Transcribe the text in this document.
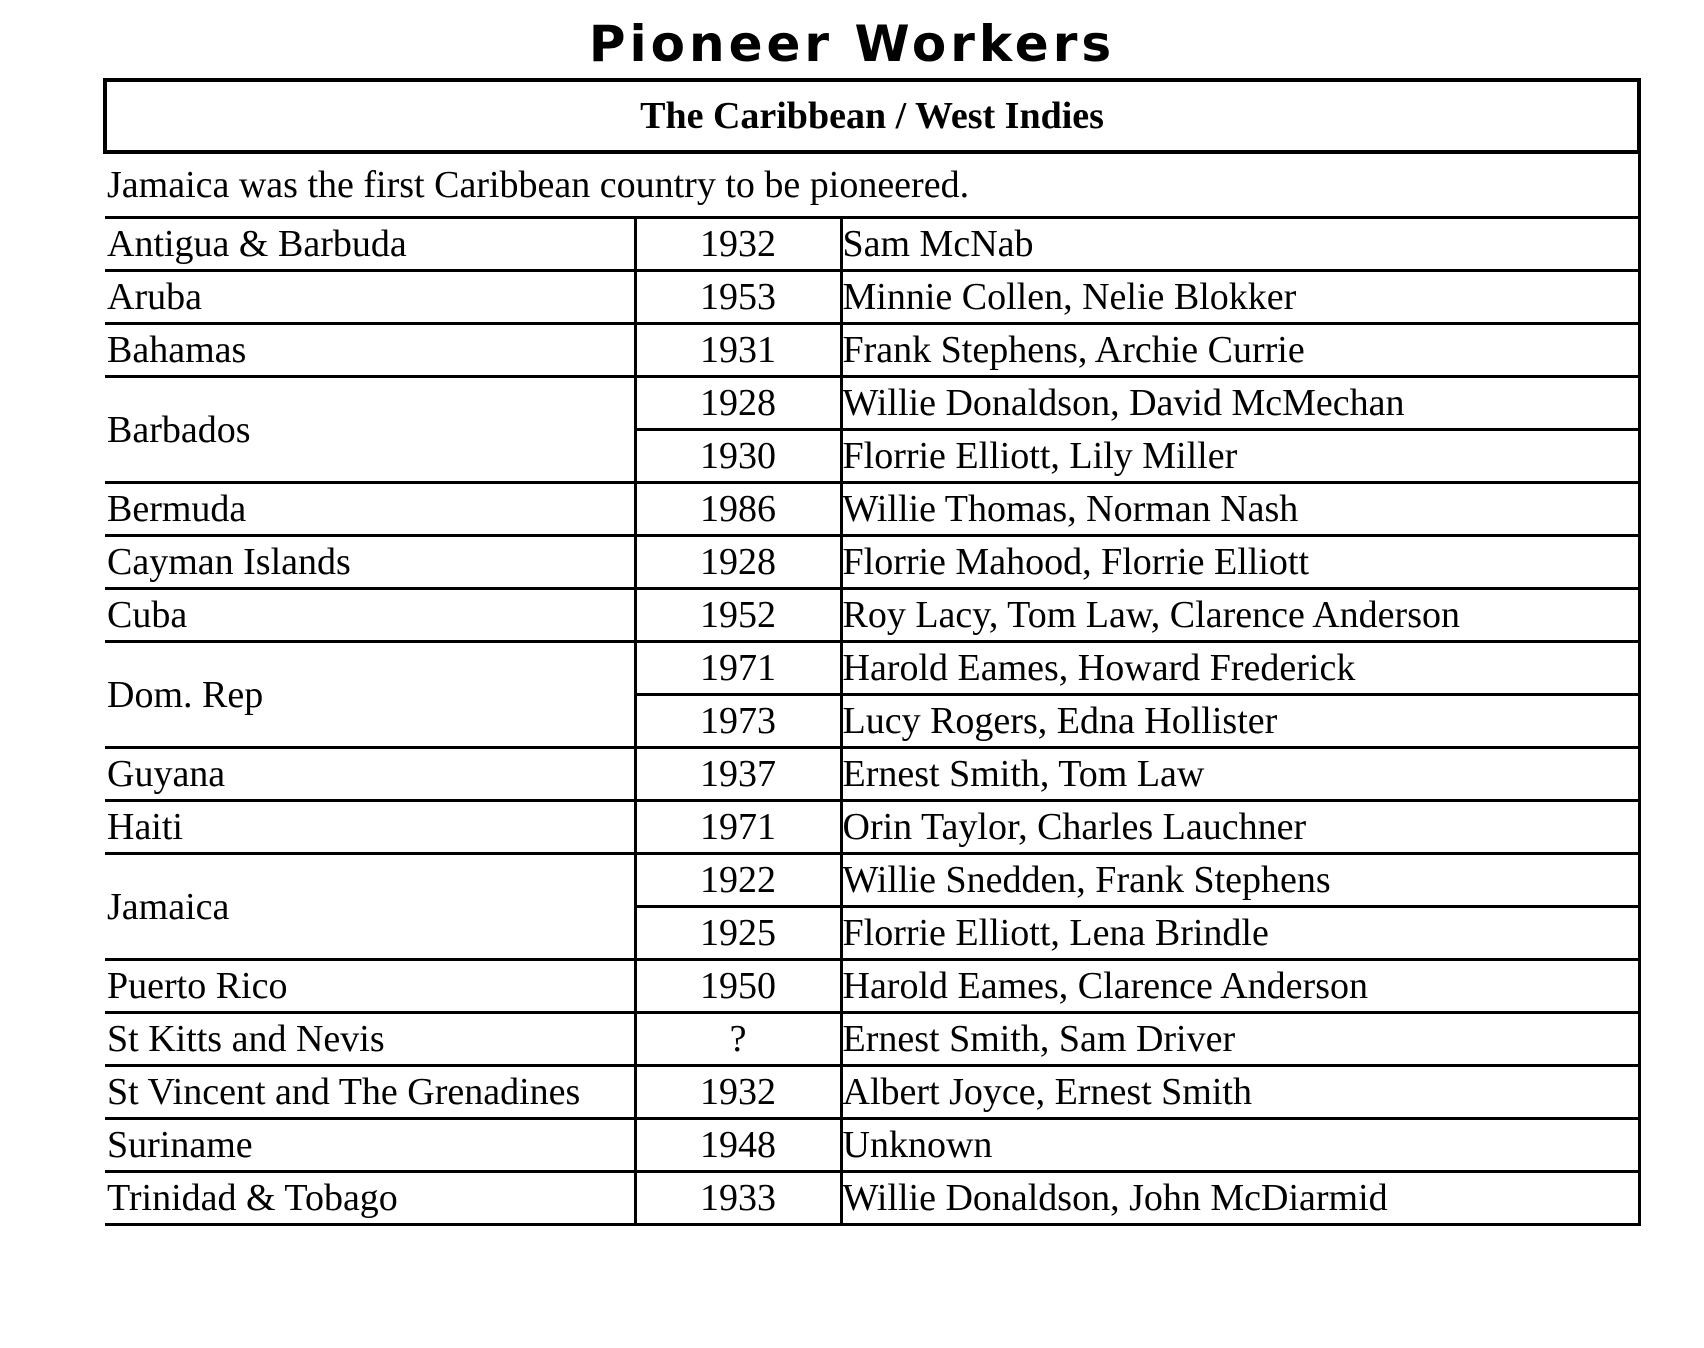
Pioneer Workers
The Caribbean / West Indies		
Jamaica was the first Caribbean country to be pioneered.		
Antigua & Barbuda	1932	Sam McNab
Aruba	1953	Minnie Collen, Nelie Blokker
Bahamas	1931	Frank Stephens, Archie Currie
Barbados	1928	Willie Donaldson, David McMechan
	1930	Florrie Elliott, Lily Miller
Bermuda	1986	Willie Thomas, Norman Nash
Cayman Islands	1928	Florrie Mahood, Florrie Elliott
Cuba	1952	Roy Lacy, Tom Law, Clarence Anderson
Dom. Rep	1971	Harold Eames, Howard Frederick
	1973	Lucy Rogers, Edna Hollister
Guyana	1937	Ernest Smith, Tom Law
Haiti	1971	Orin Taylor, Charles Lauchner
Jamaica	1922	Willie Snedden, Frank Stephens
	1925	Florrie Elliott, Lena Brindle
Puerto Rico	1950	Harold Eames, Clarence Anderson
St Kitts and Nevis	?	Ernest Smith, Sam Driver
St Vincent and The Grenadines	1932	Albert Joyce, Ernest Smith
Suriname	1948	Unknown
Trinidad & Tobago	1933	Willie Donaldson, John McDiarmid
